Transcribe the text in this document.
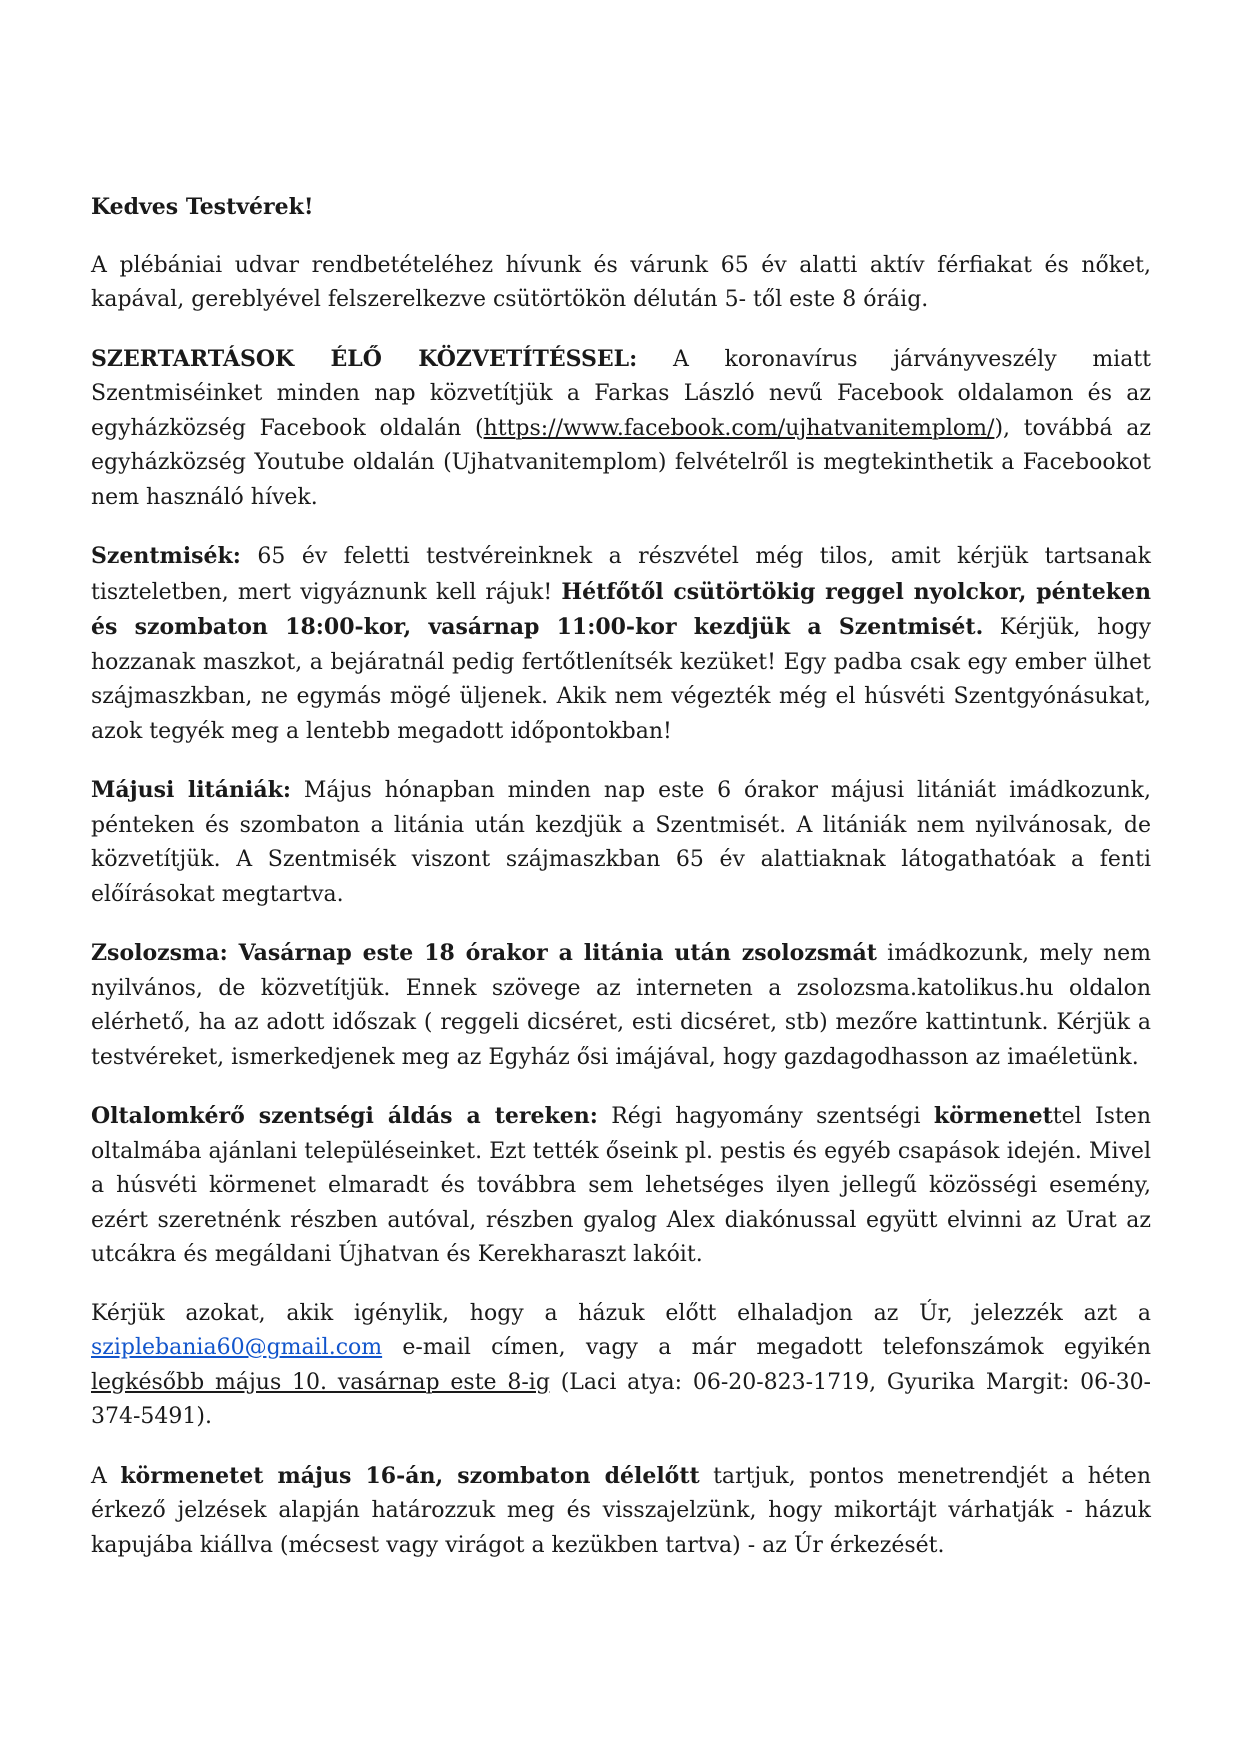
Kedves Testvérek!

A plébániai udvar rendbetételéhez hívunk és várunk 65 év alatti aktív férfiakat és nőket, kapával, gereblyével felszerelkezve csütörtökön délután 5- től este 8 óráig.

SZERTARTÁSOK ÉLŐ KÖZVETÍTÉSSEL: A koronavírus járványveszély miatt Szentmiséinket minden nap közvetítjük a Farkas László nevű Facebook oldalamon és az egyházközség Facebook oldalán (https://www.facebook.com/ujhatvanitemplom/), továbbá az egyházközség Youtube oldalán (Ujhatvanitemplom) felvételről is megtekinthetik a Facebookot nem használó hívek.

Szentmisék: 65 év feletti testvéreinknek a részvétel még tilos, amit kérjük tartsanak tiszteletben, mert vigyáznunk kell rájuk! Hétfőtől csütörtökig reggel nyolckor, pénteken és szombaton 18:00-kor, vasárnap 11:00-kor kezdjük a Szentmisét. Kérjük, hogy hozzanak maszkot, a bejáratnál pedig fertőtlenítsék kezüket! Egy padba csak egy ember ülhet szájmaszkban, ne egymás mögé üljenek. Akik nem végezték még el húsvéti Szentgyónásukat, azok tegyék meg a lentebb megadott időpontokban!

Májusi litániák: Május hónapban minden nap este 6 órakor májusi litániát imádkozunk, pénteken és szombaton a litánia után kezdjük a Szentmisét. A litániák nem nyilvánosak, de közvetítjük. A Szentmisék viszont szájmaszkban 65 év alattiaknak látogathatóak a fenti előírásokat megtartva.

Zsolozsma: Vasárnap este 18 órakor a litánia után zsolozsmát imádkozunk, mely nem nyilvános, de közvetítjük. Ennek szövege az interneten a zsolozsma.katolikus.hu oldalon elérhető, ha az adott időszak ( reggeli dicséret, esti dicséret, stb) mezőre kattintunk. Kérjük a testvéreket, ismerkedjenek meg az Egyház ősi imájával, hogy gazdagodhasson az imaéletünk.

Oltalomkérő szentségi áldás a tereken: Régi hagyomány szentségi körmenettel Isten oltalmába ajánlani településeinket. Ezt tették őseink pl. pestis és egyéb csapások idején. Mivel a húsvéti körmenet elmaradt és továbbra sem lehetséges ilyen jellegű közösségi esemény, ezért szeretnénk részben autóval, részben gyalog Alex diakónussal együtt elvinni az Urat az utcákra és megáldani Újhatvan és Kerekharaszt lakóit.

Kérjük azokat, akik igénylik, hogy a házuk előtt elhaladjon az Úr, jelezzék azt a sziplebania60@gmail.com e-mail címen, vagy a már megadott telefonszámok egyikén legkésőbb május 10. vasárnap este 8-ig (Laci atya: 06-20-823-1719, Gyurika Margit: 06-30-374-5491).

A körmenetet május 16-án, szombaton délelőtt tartjuk, pontos menetrendjét a héten érkező jelzések alapján határozzuk meg és visszajelzünk, hogy mikortájt várhatják - házuk kapujába kiállva (mécsest vagy virágot a kezükben tartva) - az Úr érkezését.
